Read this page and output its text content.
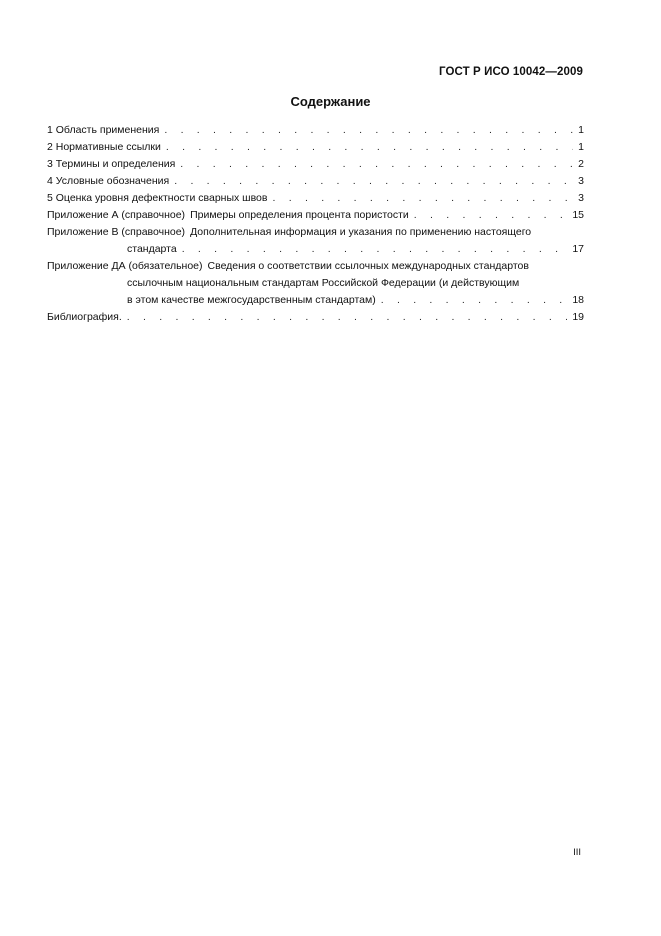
ГОСТ Р ИСО 10042—2009
Содержание
1 Область применения . . .	1
2 Нормативные ссылки . . .	1
3 Термины и определения . . .	2
4 Условные обозначения . . .	3
5 Оценка уровня дефектности сварных швов . . .	3
Приложение А (справочное) Примеры определения процента пористости . . .	15
Приложение В (справочное) Дополнительная информация и указания по применению настоящего
стандарта . . .	17
Приложение ДА (обязательное) Сведения о соответствии ссылочных международных стандартов
ссылочным национальным стандартам Российской Федерации (и действующим
в этом качестве межгосударственным стандартам) . . .	18
Библиография. . . .	19
III
